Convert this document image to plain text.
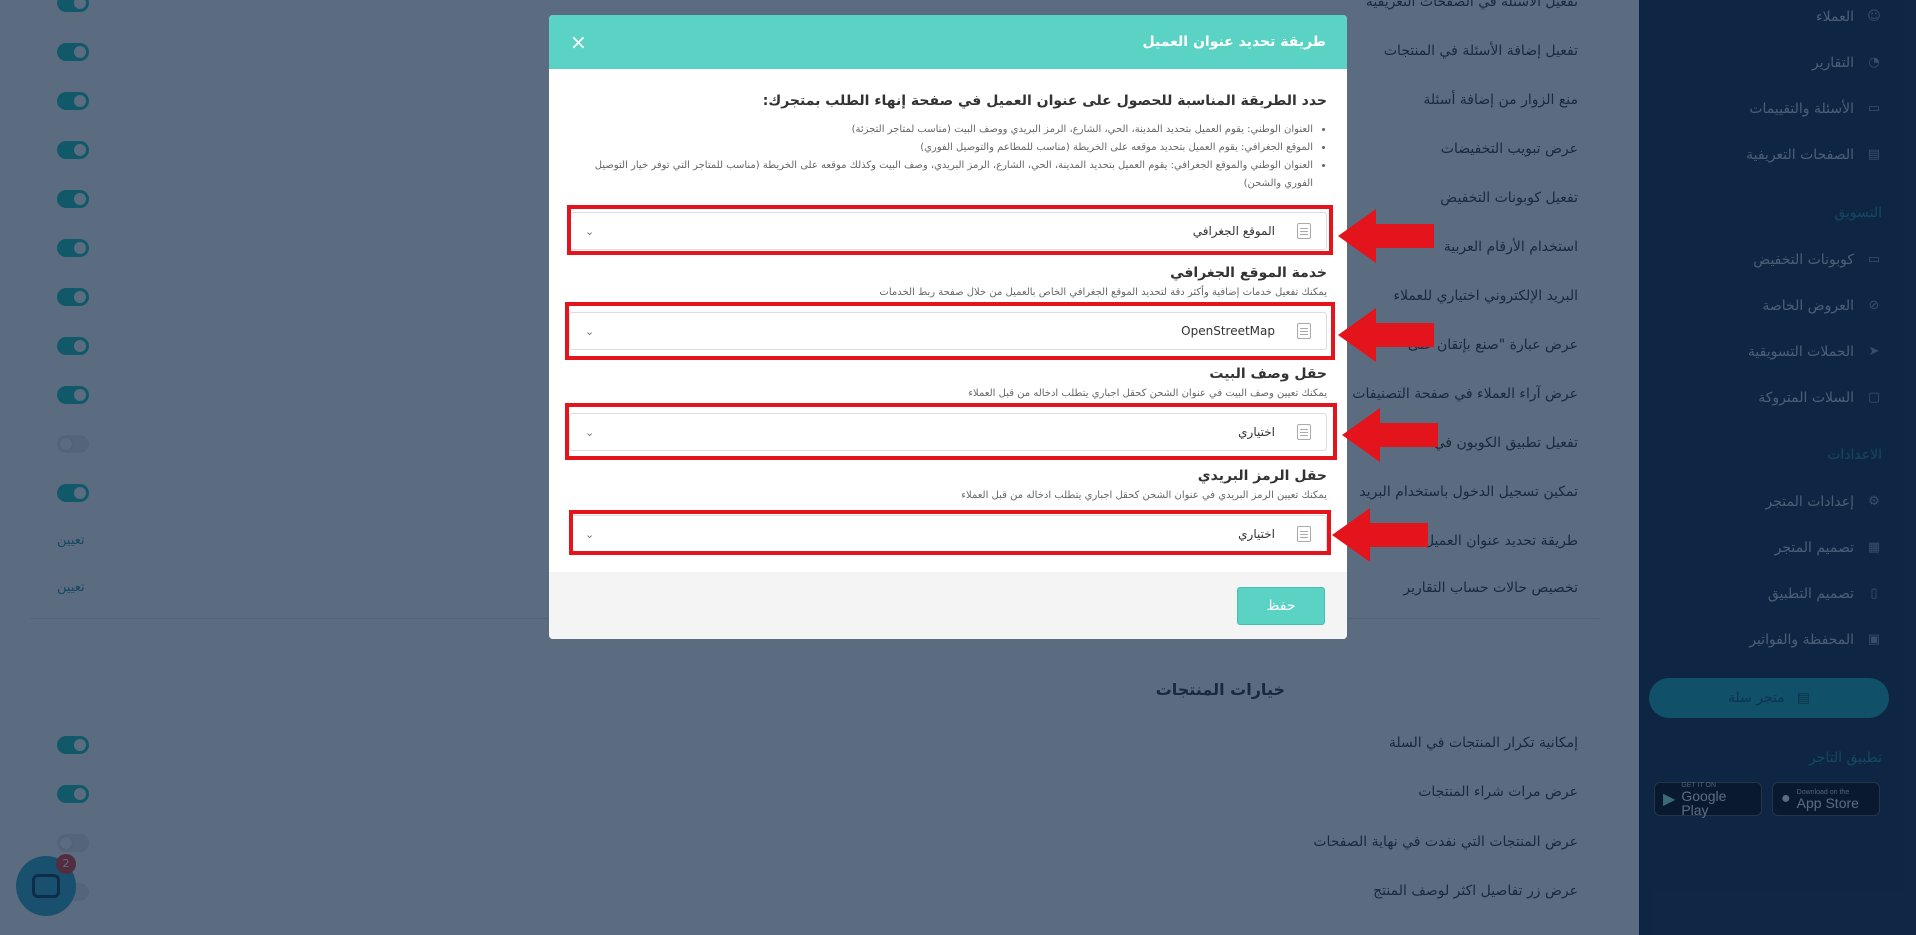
طريقة تحديد عنوان العميل
×
حدد الطريقة المناسبة للحصول على عنوان العميل في صفحة إنهاء الطلب بمتجرك:
• العنوان الوطني: يقوم العميل بتحديد المدينة، الحي، الشارع، الرمز البريدي ووصف البيت (مناسب لمتاجر التجزئة)
• الموقع الجغرافي: يقوم العميل بتحديد موقعه على الخريطة (مناسب للمطاعم والتوصيل الفوري)
• العنوان الوطني والموقع الجغرافي: يقوم العميل بتحديد المدينة، الحي، الشارع، الرمز البريدي، وصف البيت وكذلك موقعه على الخريطة (مناسب للمتاجر التي توفر خيار التوصيل الفوري والشحن)
الموقع الجغرافي
⌄
خدمة الموقع الجغرافي
يمكنك تفعيل خدمات إضافية وأكثر دقة لتحديد الموقع الجغرافي الخاص بالعميل من خلال صفحة ربط الخدمات
OpenStreetMap
⌄
حقل وصف البيت
يمكنك تعيين وصف البيت في عنوان الشحن كحقل اجباري يتطلب ادخاله من قبل العملاء
اختياري
⌄
حقل الرمز البريدي
يمكنك تعيين الرمز البريدي في عنوان الشحن كحقل اجباري يتطلب ادخاله من قبل العملاء
اختياري
⌄
حفظ
